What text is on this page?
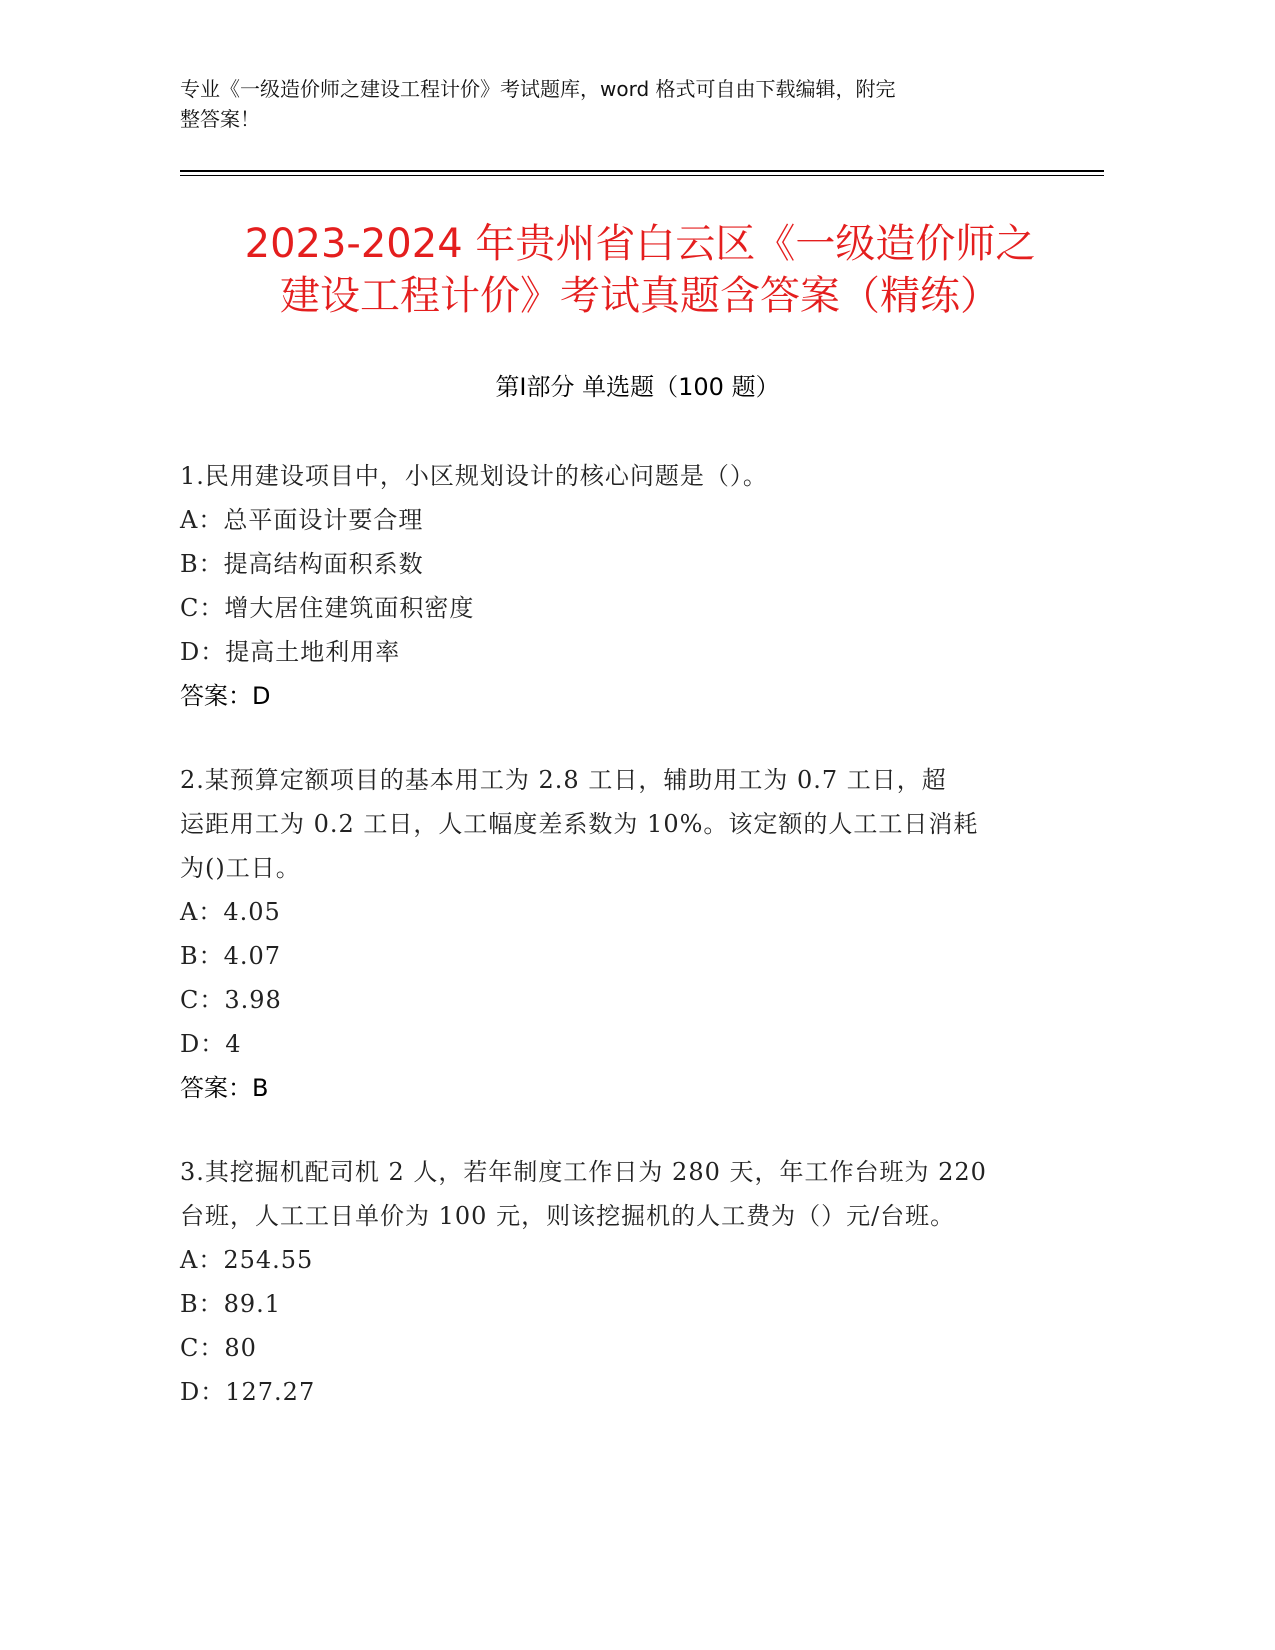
专业《一级造价师之建设工程计价》考试题库，word 格式可自由下载编辑，附完
整答案！
2023-2024 年贵州省白云区《一级造价师之
建设工程计价》考试真题含答案（精练）
第Ⅰ部分 单选题（100 题）
1.民用建设项目中，小区规划设计的核心问题是（）。
A：总平面设计要合理
B：提高结构面积系数
C：增大居住建筑面积密度
D：提高土地利用率
答案：D
2.某预算定额项目的基本用工为 2.8 工日，辅助用工为 0.7 工日，超
运距用工为 0.2 工日，人工幅度差系数为 10%。该定额的人工工日消耗
为()工日。
A：4.05
B：4.07
C：3.98
D：4
答案：B
3.其挖掘机配司机 2 人，若年制度工作日为 280 天，年工作台班为 220
台班，人工工日单价为 100 元，则该挖掘机的人工费为（）元/台班。
A：254.55
B：89.1
C：80
D：127.27
